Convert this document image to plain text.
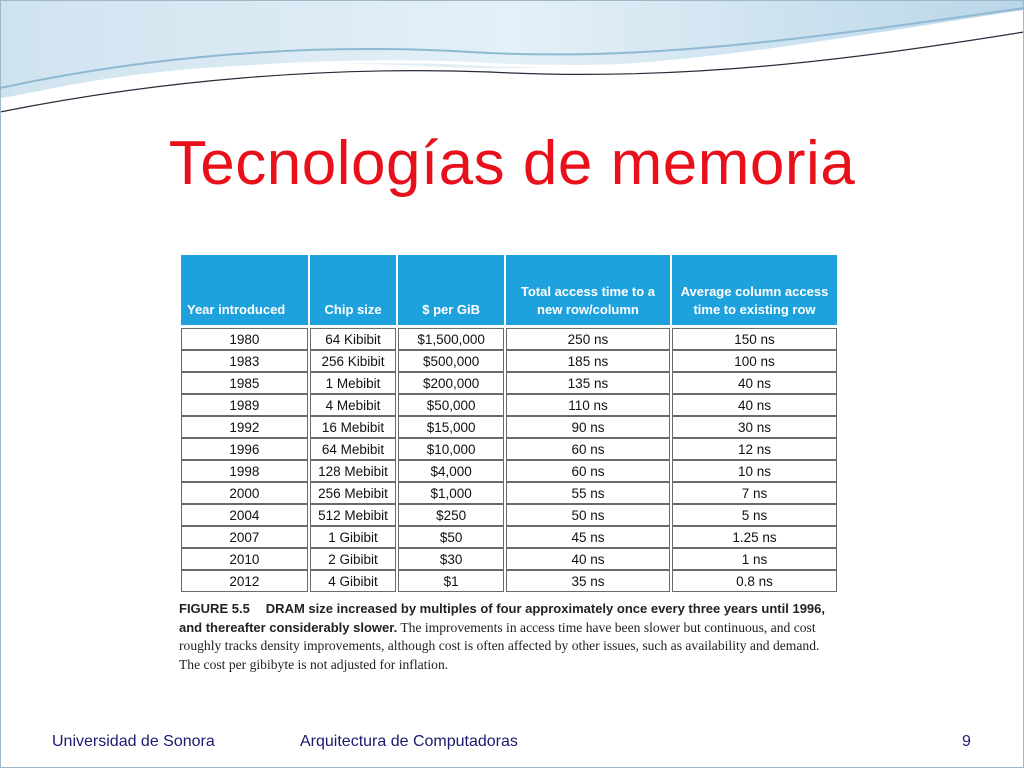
Tecnologías de memoria
Year introduced	Chip size	$ per GiB	Total access time to a new row/column	Average column access time to existing row

1980	64 Kibibit	$1,500,000	250 ns	150 ns
1983	256 Kibibit	$500,000	185 ns	100 ns
1985	1 Mebibit	$200,000	135 ns	40 ns
1989	4 Mebibit	$50,000	110 ns	40 ns
1992	16 Mebibit	$15,000	90 ns	30 ns
1996	64 Mebibit	$10,000	60 ns	12 ns
1998	128 Mebibit	$4,000	60 ns	10 ns
2000	256 Mebibit	$1,000	55 ns	7 ns
2004	512 Mebibit	$250	50 ns	5 ns
2007	1 Gibibit	$50	45 ns	1.25 ns
2010	2 Gibibit	$30	40 ns	1 ns
2012	4 Gibibit	$1	35 ns	0.8 ns
FIGURE 5.5 DRAM size increased by multiples of four approximately once every three years until 1996, and thereafter considerably slower. The improvements in access time have been slower but continuous, and cost roughly tracks density improvements, although cost is often affected by other issues, such as availability and demand. The cost per gibibyte is not adjusted for inflation.
Universidad de Sonora	Arquitectura de Computadoras	9
